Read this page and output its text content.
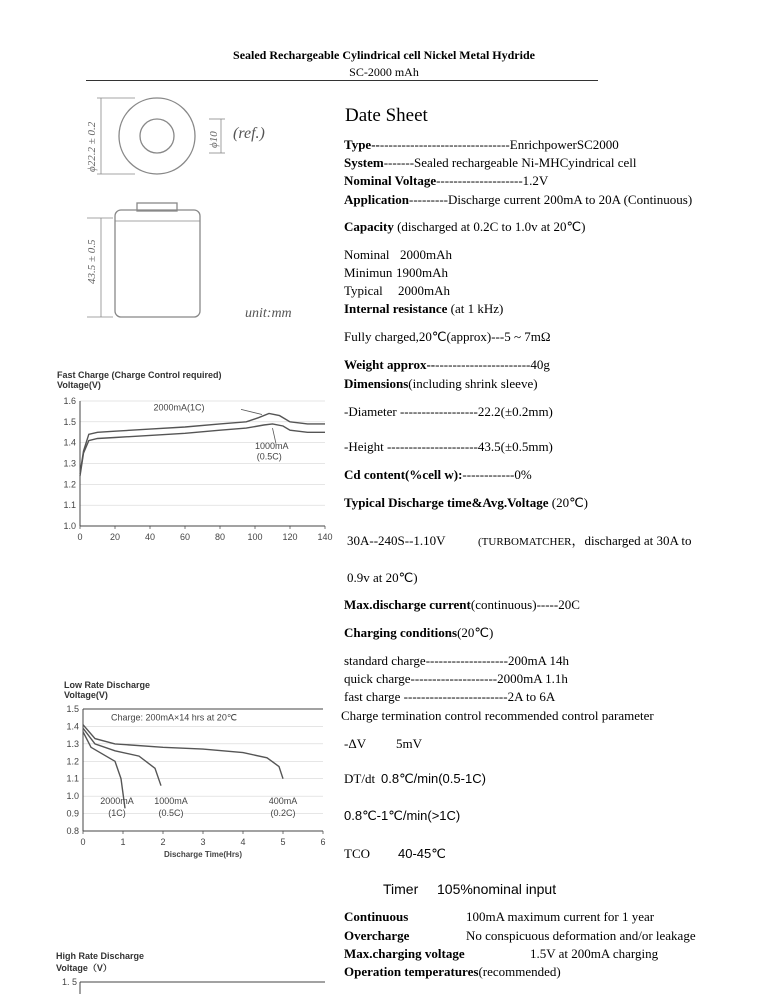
Sealed Rechargeable Cylindrical cell Nickel Metal Hydride
SC-2000 mAh
ϕ22.2 ± 0.2	ϕ10 (ref.)
43.5 ± 0.5
unit:mm
Fast Charge (Charge Control required)
Voltage(V)
1.0
1.1
1.2
1.3
1.4
1.5
1.6
0	20	40	60	80 100 120 140
2000mA(1C)
1000mA
(0.5C)
Low Rate Discharge
Voltage(V)
0.8
0.9
1.0
1.1
1.2
1.3
1.4
1.5
0	1	2	3	4	5	6
Discharge Time(Hrs)
Charge: 200mA×14 hrs at 20℃
2000mA
(1C)
1000mA
(0.5C)
400mA
(0.2C)
High Rate Discharge
Voltage（V）
1. 5
Date Sheet
Type--------------------------------EnrichpowerSC2000
System-------Sealed rechargeable Ni-MHCyindrical cell
Nominal Voltage--------------------1.2V
Application---------Discharge current 200mA to 20A (Continuous)
Capacity (discharged at 0.2C to 1.0v at 20℃)
Nominal 2000mAh
Minimun 1900mAh
Typical 2000mAh
Internal resistance (at 1 kHz)
Fully charged,20℃(approx)---5 ~ 7mΩ
Weight approx------------------------40g
Dimensions(including shrink sleeve)
-Diameter ------------------22.2(±0.2mm)
-Height ---------------------43.5(±0.5mm)
Cd content(%cell w):------------0%
Typical Discharge time&Avg.Voltage (20℃)
30A--240S--1.10V	(TURBOMATCHER，discharged at 30A to
0.9v at 20℃)
Max.discharge current(continuous)-----20C
Charging conditions(20℃)
standard charge-------------------200mA 14h
quick charge--------------------2000mA 1.1h
fast charge ------------------------2A to 6A
Charge termination control recommended control parameter
-ΔV 5mV
DT/dt 0.8℃/min(0.5-1C)
0.8℃-1℃/min(>1C)
TCO 40-45℃
Timer 105%nominal input
Continuous	100mA maximum current for 1 year
Overcharge	No conspicuous deformation and/or leakage
Max.charging voltage	1.5V at 200mA charging
Operation temperatures(recommended)
